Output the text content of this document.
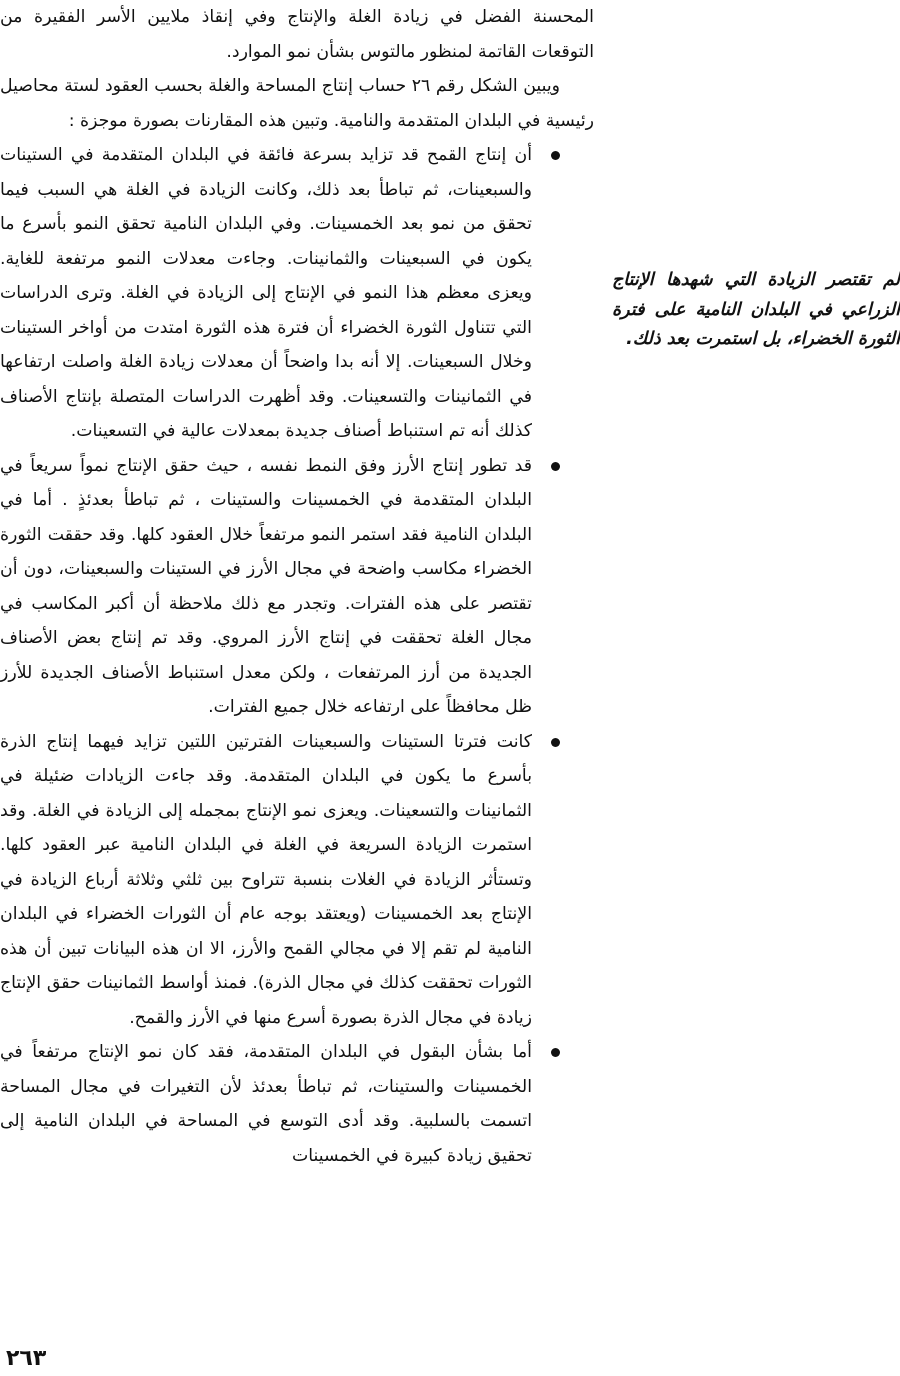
المحسنة الفضل في زيادة الغلة والإنتاج وفي إنقاذ ملايين الأسر الفقيرة من التوقعات القاتمة لمنظور مالتوس بشأن نمو الموارد.

ويبين الشكل رقم ٢٦ حساب إنتاج المساحة والغلة بحسب العقود لستة محاصيل رئيسية في البلدان المتقدمة والنامية. وتبين هذه المقارنات بصورة موجزة :

أن إنتاج القمح قد تزايد بسرعة فائقة في البلدان المتقدمة في الستينات والسبعينات، ثم تباطأ بعد ذلك، وكانت الزيادة في الغلة هي السبب فيما تحقق من نمو بعد الخمسينات. وفي البلدان النامية تحقق النمو بأسرع ما يكون في السبعينات والثمانينات. وجاءت معدلات النمو مرتفعة للغاية. ويعزى معظم هذا النمو في الإنتاج إلى الزيادة في الغلة. وترى الدراسات التي تتناول الثورة الخضراء أن فترة هذه الثورة امتدت من أواخر الستينات وخلال السبعينات. إلا أنه بدا واضحاً أن معدلات زيادة الغلة واصلت ارتفاعها في الثمانينات والتسعينات. وقد أظهرت الدراسات المتصلة بإنتاج الأصناف كذلك أنه تم استنباط أصناف جديدة بمعدلات عالية في التسعينات.

قد تطور إنتاج الأرز وفق النمط نفسه ، حيث حقق الإنتاج نمواً سريعاً في البلدان المتقدمة في الخمسينات والستينات ، ثم تباطأ بعدئذٍ . أما في البلدان النامية فقد استمر النمو مرتفعاً خلال العقود كلها. وقد حققت الثورة الخضراء مكاسب واضحة في مجال الأرز في الستينات والسبعينات، دون أن تقتصر على هذه الفترات. وتجدر مع ذلك ملاحظة أن أكبر المكاسب في مجال الغلة تحققت في إنتاج الأرز المروي. وقد تم إنتاج بعض الأصناف الجديدة من أرز المرتفعات ، ولكن معدل استنباط الأصناف الجديدة للأرز ظل محافظاً على ارتفاعه خلال جميع الفترات.

كانت فترتا الستينات والسبعينات الفترتين اللتين تزايد فيهما إنتاج الذرة بأسرع ما يكون في البلدان المتقدمة. وقد جاءت الزيادات ضئيلة في الثمانينات والتسعينات. ويعزى نمو الإنتاج بمجمله إلى الزيادة في الغلة. وقد استمرت الزيادة السريعة في الغلة في البلدان النامية عبر العقود كلها. وتستأثر الزيادة في الغلات بنسبة تتراوح بين ثلثي وثلاثة أرباع الزيادة في الإنتاج بعد الخمسينات (ويعتقد بوجه عام أن الثورات الخضراء في البلدان النامية لم تقم إلا في مجالي القمح والأرز، الا ان هذه البيانات تبين أن هذه الثورات تحققت كذلك في مجال الذرة). فمنذ أواسط الثمانينات حقق الإنتاج زيادة في مجال الذرة بصورة أسرع منها في الأرز والقمح.

أما بشأن البقول في البلدان المتقدمة، فقد كان نمو الإنتاج مرتفعاً في الخمسينات والستينات، ثم تباطأ بعدئذ لأن التغيرات في مجال المساحة اتسمت بالسلبية. وقد أدى التوسع في المساحة في البلدان النامية إلى تحقيق زيادة كبيرة في الخمسينات

لم تقتصر الزيادة التي شهدها الإنتاج الزراعي في البلدان النامية على فترة الثورة الخضراء، بل استمرت بعد ذلك.

٢٦٣
